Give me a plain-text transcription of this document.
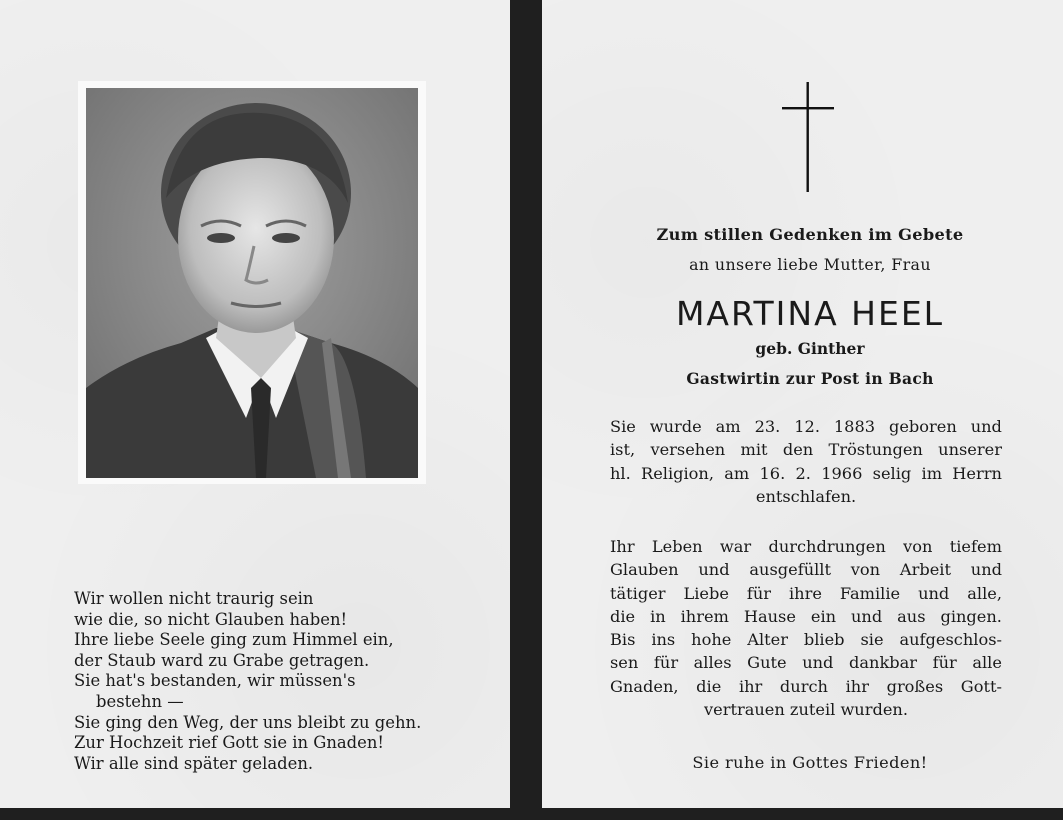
Wir wollen nicht traurig sein
wie die, so nicht Glauben haben!
Ihre liebe Seele ging zum Himmel ein,
der Staub ward zu Grabe getragen.
Sie hat's bestanden, wir müssen's
bestehn —
Sie ging den Weg, der uns bleibt zu gehn.
Zur Hochzeit rief Gott sie in Gnaden!
Wir alle sind später geladen.
Zum stillen Gedenken im Gebete
an unsere liebe Mutter, Frau
MARTINA HEEL
geb. Ginther
Gastwirtin zur Post in Bach
Sie wurde am 23. 12. 1883 geboren und
ist, versehen mit den Tröstungen unserer
hl. Religion, am 16. 2. 1966 selig im Herrn
entschlafen.
Ihr Leben war durchdrungen von tiefem
Glauben und ausgefüllt von Arbeit und
tätiger Liebe für ihre Familie und alle,
die in ihrem Hause ein und aus gingen.
Bis ins hohe Alter blieb sie aufgeschlos-
sen für alles Gute und dankbar für alle
Gnaden, die ihr durch ihr großes Gott-
vertrauen zuteil wurden.
Sie ruhe in Gottes Frieden!
